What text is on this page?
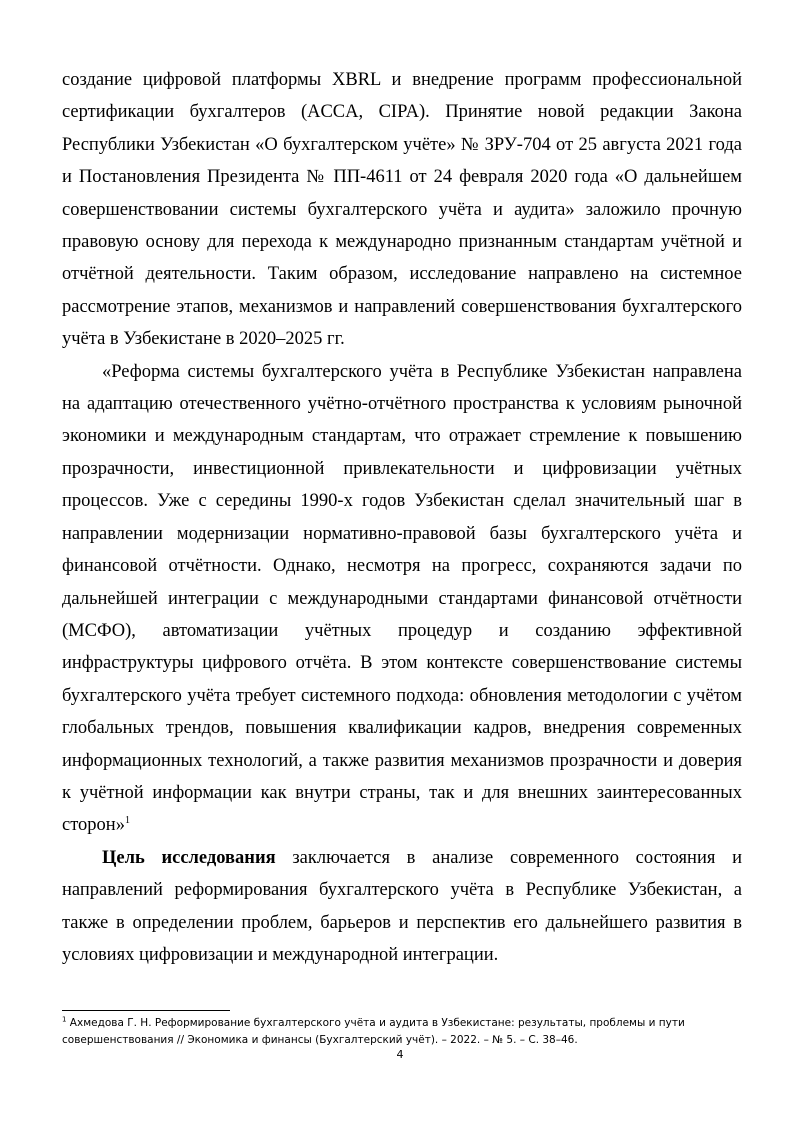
создание цифровой платформы XBRL и внедрение программ профессиональной сертификации бухгалтеров (ACCA, CIPA). Принятие новой редакции Закона Республики Узбекистан «О бухгалтерском учёте» № ЗРУ-704 от 25 августа 2021 года и Постановления Президента № ПП-4611 от 24 февраля 2020 года «О дальнейшем совершенствовании системы бухгалтерского учёта и аудита» заложило прочную правовую основу для перехода к международно признанным стандартам учётной и отчётной деятельности. Таким образом, исследование направлено на системное рассмотрение этапов, механизмов и направлений совершенствования бухгалтерского учёта в Узбекистане в 2020–2025 гг.

«Реформа системы бухгалтерского учёта в Республике Узбекистан направлена на адаптацию отечественного учётно-отчётного пространства к условиям рыночной экономики и международным стандартам, что отражает стремление к повышению прозрачности, инвестиционной привлекательности и цифровизации учётных процессов. Уже с середины 1990-х годов Узбекистан сделал значительный шаг в направлении модернизации нормативно-правовой базы бухгалтерского учёта и финансовой отчётности. Однако, несмотря на прогресс, сохраняются задачи по дальнейшей интеграции с международными стандартами финансовой отчётности (МСФО), автоматизации учётных процедур и созданию эффективной инфраструктуры цифрового отчёта. В этом контексте совершенствование системы бухгалтерского учёта требует системного подхода: обновления методологии с учётом глобальных трендов, повышения квалификации кадров, внедрения современных информационных технологий, а также развития механизмов прозрачности и доверия к учётной информации как внутри страны, так и для внешних заинтересованных сторон»$^1$

Цель исследования заключается в анализе современного состояния и направлений реформирования бухгалтерского учёта в Республике Узбекистан, а также в определении проблем, барьеров и перспектив его дальнейшего развития в условиях цифровизации и международной интеграции.

$^1$ Ахмедова Г. Н. Реформирование бухгалтерского учёта и аудита в Узбекистане: результаты, проблемы и пути совершенствования // Экономика и финансы (Бухгалтерский учёт). – 2022. – № 5. – С. 38–46.

4
